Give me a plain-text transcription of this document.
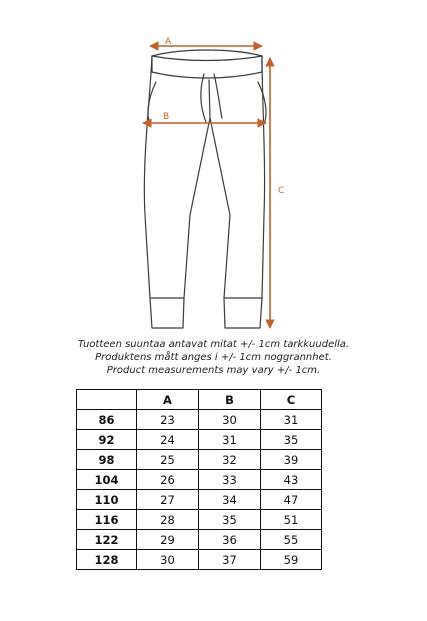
A
B
C
Tuotteen suuntaa antavat mitat +/- 1cm tarkkuudella.
Produktens mått anges i +/- 1cm noggrannhet.
Product measurements may vary +/- 1cm.
	A	B	C
86	23	30	31
92	24	31	35
98	25	32	39
104	26	33	43
110	27	34	47
116	28	35	51
122	29	36	55
128	30	37	59
